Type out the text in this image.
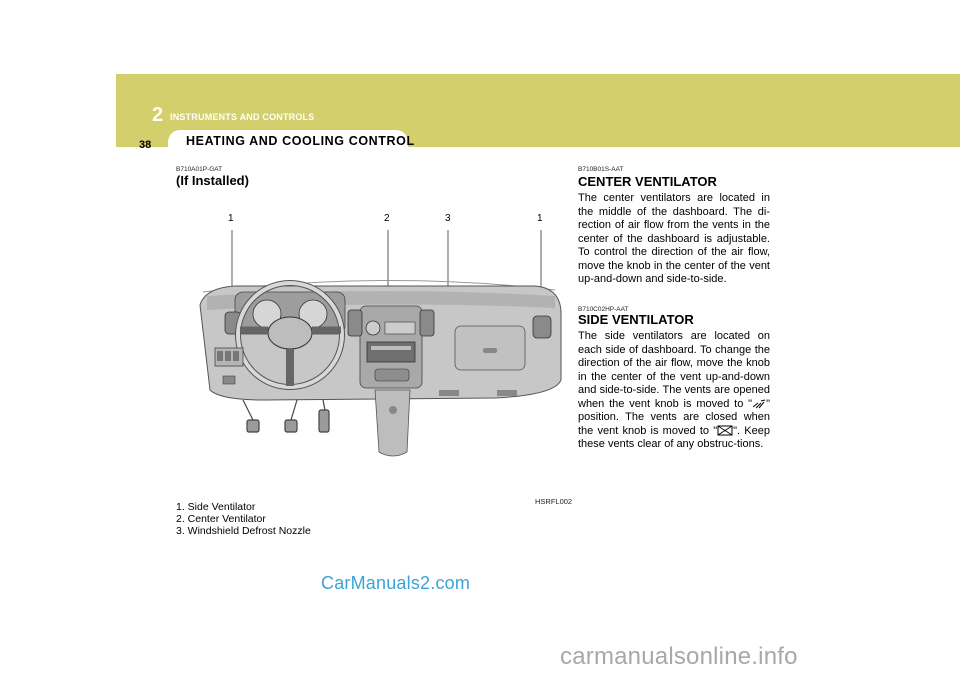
2 INSTRUMENTS AND CONTROLS
HEATING AND COOLING CONTROL
38
B710A01P-GAT
(If Installed)
1	2	3	1
HSRFL002
1. Side Ventilator
2. Center Ventilator
3. Windshield Defrost Nozzle
B710B01S-AAT
CENTER VENTILATOR
The center ventilators are located in the middle of the dashboard. The di-rection of air flow from the vents in the center of the dashboard is adjustable. To control the direction of the air flow, move the knob in the center of the vent up-and-down and side-to-side.
B710C02HP-AAT
SIDE VENTILATOR
The side ventilators are located on each side of dashboard. To change the direction of the air flow, move the knob in the center of the vent up-and-down and side-to-side. The vents are opened when the vent knob is moved to " " position. The vents are closed when the vent knob is moved to " ". Keep these vents clear of any obstruc-tions.
CarManuals2.com
carmanualsonline.info
